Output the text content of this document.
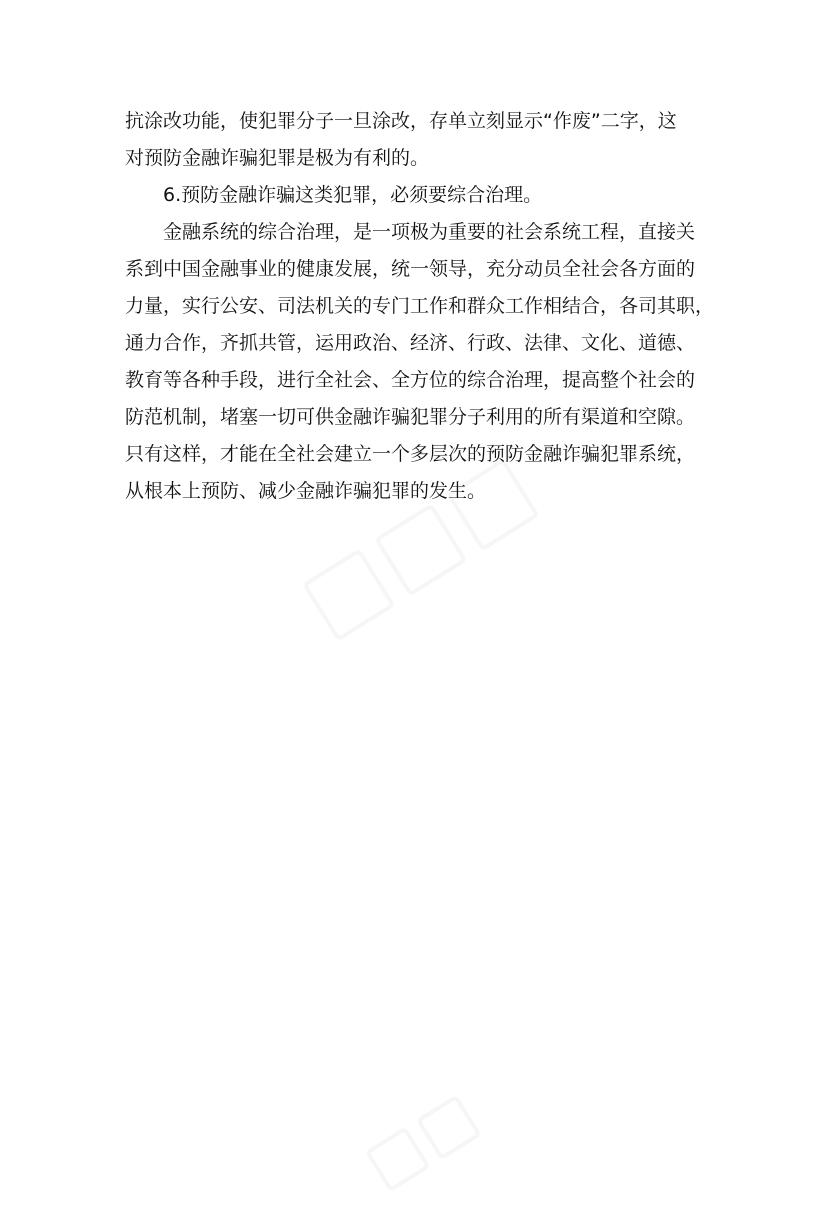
抗涂改功能，使犯罪分子一旦涂改，存单立刻显示“作废”二字，这
对预防金融诈骗犯罪是极为有利的。

6.预防金融诈骗这类犯罪，必须要综合治理。

金融系统的综合治理，是一项极为重要的社会系统工程，直接关
系到中国金融事业的健康发展，统一领导，充分动员全社会各方面的
力量，实行公安、司法机关的专门工作和群众工作相结合，各司其职，
通力合作，齐抓共管，运用政治、经济、行政、法律、文化、道德、
教育等各种手段，进行全社会、全方位的综合治理，提高整个社会的
防范机制，堵塞一切可供金融诈骗犯罪分子利用的所有渠道和空隙。
只有这样，才能在全社会建立一个多层次的预防金融诈骗犯罪系统，
从根本上预防、减少金融诈骗犯罪的发生。
